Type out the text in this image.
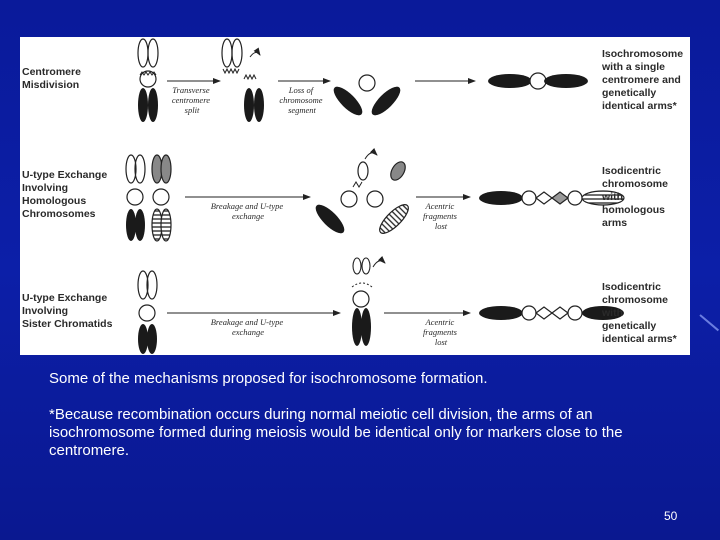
Centromere Misdivision	Transverse centromere split
Loss of chromosome segment
Isochromosome with a single centromere and genetically identical arms*
U-type Exchange Involving Homologous Chromosomes
Breakage and U-type exchange
Acentric fragments lost
Isodicentric chromosome with homologous arms
U-type Exchange Involving Sister Chromatids	Breakage and U-type exchange
Acentric fragments lost
Isodicentric chromosome with genetically identical arms*

Some of the mechanisms proposed for isochromosome formation.

*Because recombination occurs during normal meiotic cell division, the arms of an isochromosome formed during meiosis would be identical only for markers close to the centromere.

50
